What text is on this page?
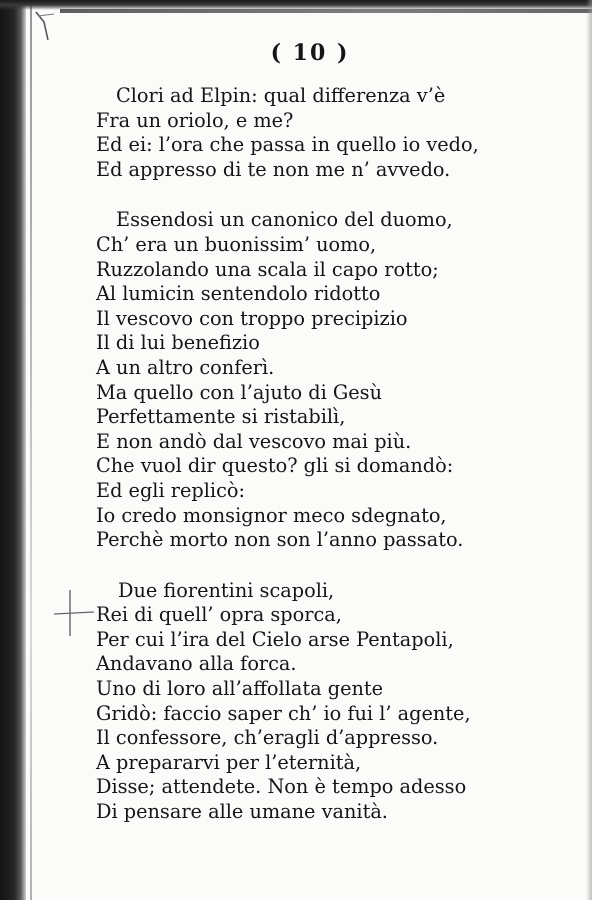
( 10 )
Clori ad Elpin: qual differenza v’è
Fra un oriolo, e me?
Ed ei: l’ora che passa in quello io vedo,
Ed appresso di te non me n’ avvedo.
Essendosi un canonico del duomo,
Ch’ era un buonissim’ uomo,
Ruzzolando una scala il capo rotto;
Al lumicin sentendolo ridotto
Il vescovo con troppo precipizio
Il di lui benefizio
A un altro conferì.
Ma quello con l’ajuto di Gesù
Perfettamente si ristabilì,
E non andò dal vescovo mai più.
Che vuol dir questo? gli si domandò:
Ed egli replicò:
Io credo monsignor meco sdegnato,
Perchè morto non son l’anno passato.
Due fiorentini scapoli,
Rei di quell’ opra sporca,
Per cui l’ira del Cielo arse Pentapoli,
Andavano alla forca.
Uno di loro all’affollata gente
Gridò: faccio saper ch’ io fui l’ agente,
Il confessore, ch’eragli d’appresso.
A prepararvi per l’eternità,
Disse; attendete. Non è tempo adesso
Di pensare alle umane vanità.
